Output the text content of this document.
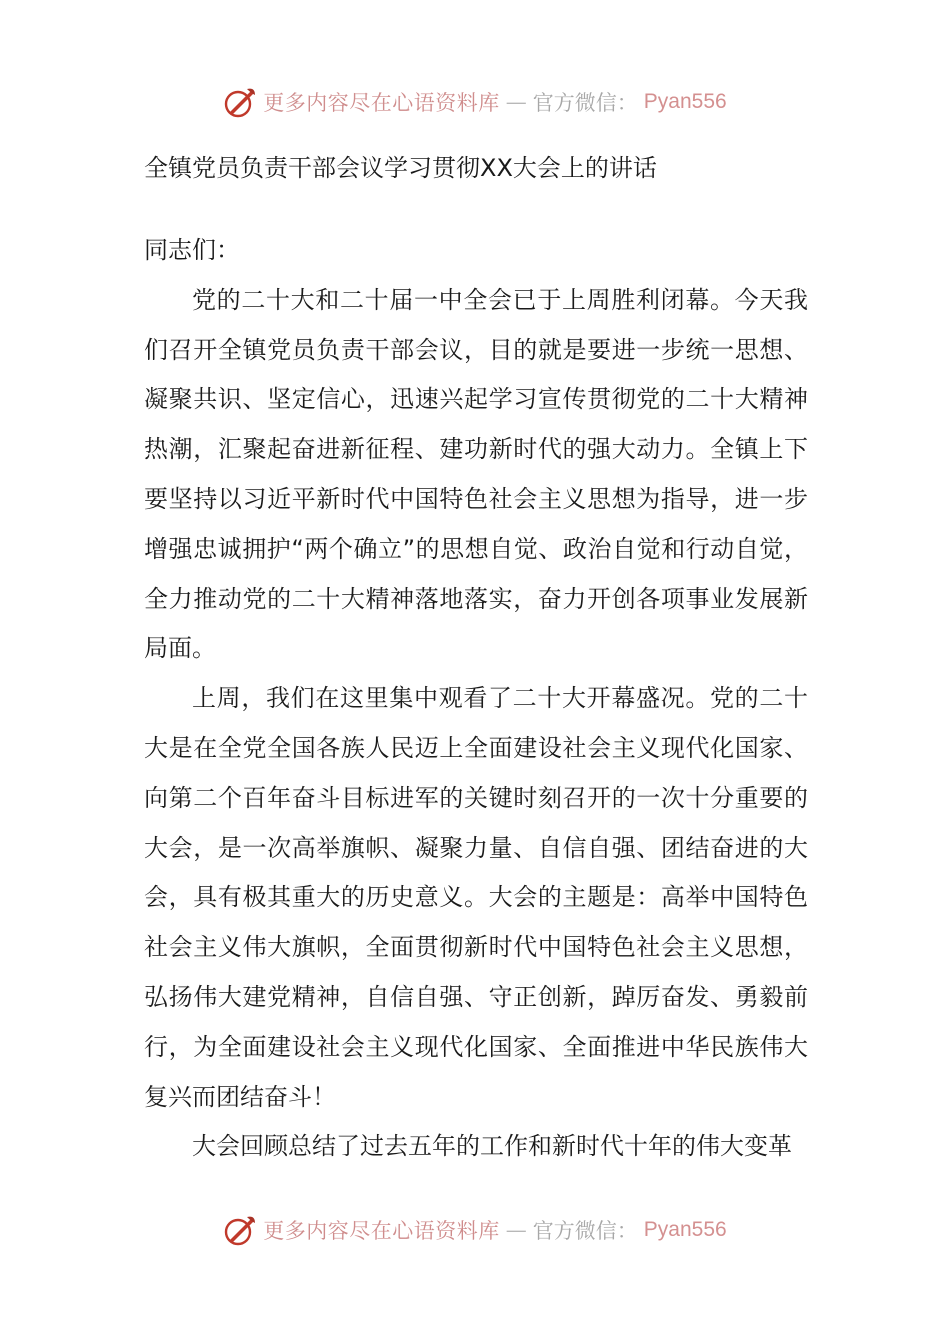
更多内容尽在心语资料库 — 官方微信： Pyan556
全镇党员负责干部会议学习贯彻XX大会上的讲话

同志们：

党的二十大和二十届一中全会已于上周胜利闭幕。今天我们召开全镇党员负责干部会议，目的就是要进一步统一思想、凝聚共识、坚定信心，迅速兴起学习宣传贯彻党的二十大精神热潮，汇聚起奋进新征程、建功新时代的强大动力。全镇上下要坚持以习近平新时代中国特色社会主义思想为指导，进一步增强忠诚拥护“两个确立”的思想自觉、政治自觉和行动自觉，全力推动党的二十大精神落地落实，奋力开创各项事业发展新局面。

上周，我们在这里集中观看了二十大开幕盛况。党的二十大是在全党全国各族人民迈上全面建设社会主义现代化国家、向第二个百年奋斗目标进军的关键时刻召开的一次十分重要的大会，是一次高举旗帜、凝聚力量、自信自强、团结奋进的大会，具有极其重大的历史意义。大会的主题是：高举中国特色社会主义伟大旗帜，全面贯彻新时代中国特色社会主义思想，弘扬伟大建党精神，自信自强、守正创新，踔厉奋发、勇毅前行，为全面建设社会主义现代化国家、全面推进中华民族伟大复兴而团结奋斗！

大会回顾总结了过去五年的工作和新时代十年的伟大变革

更多内容尽在心语资料库 — 官方微信： Pyan556
